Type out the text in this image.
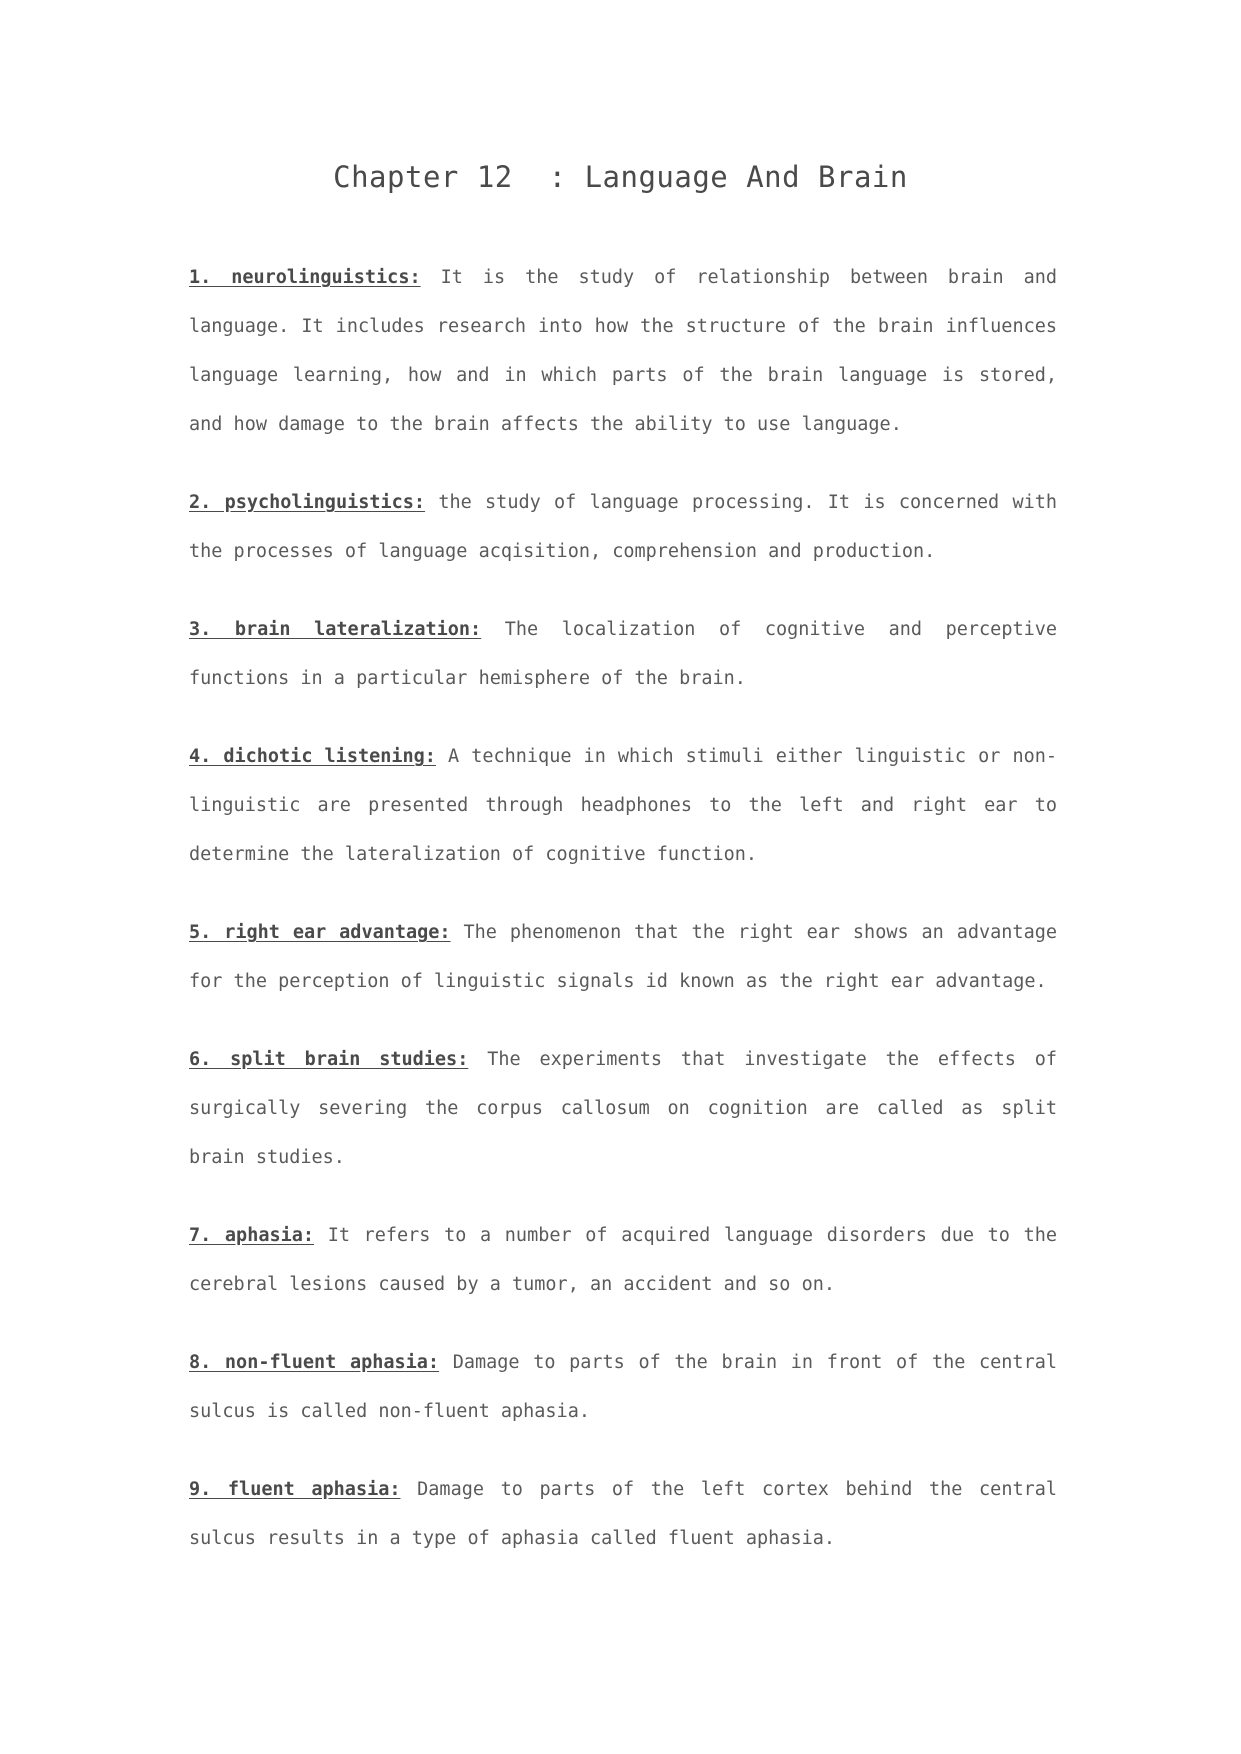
Chapter 12  : Language And Brain

1. neurolinguistics: It is the study of relationship between brain and language. It includes research into how the structure of the brain influences language learning, how and in which parts of the brain language is stored, and how damage to the brain affects the ability to use language.

2. psycholinguistics: the study of language processing. It is concerned with the processes of language acqisition, comprehension and production.

3. brain lateralization: The localization of cognitive and perceptive functions in a particular hemisphere of the brain.

4. dichotic listening: A technique in which stimuli either linguistic or non-linguistic are presented through headphones to the left and right ear to determine the lateralization of cognitive function.

5. right ear advantage: The phenomenon that the right ear shows an advantage for the perception of linguistic signals id known as the right ear advantage.

6. split brain studies: The experiments that investigate the effects of surgically severing the corpus callosum on cognition are called as split brain studies.

7. aphasia: It refers to a number of acquired language disorders due to the cerebral lesions caused by a tumor, an accident and so on.

8. non-fluent aphasia: Damage to parts of the brain in front of the central sulcus is called non-fluent aphasia.

9. fluent aphasia: Damage to parts of the left cortex behind the central sulcus results in a type of aphasia called fluent aphasia.
